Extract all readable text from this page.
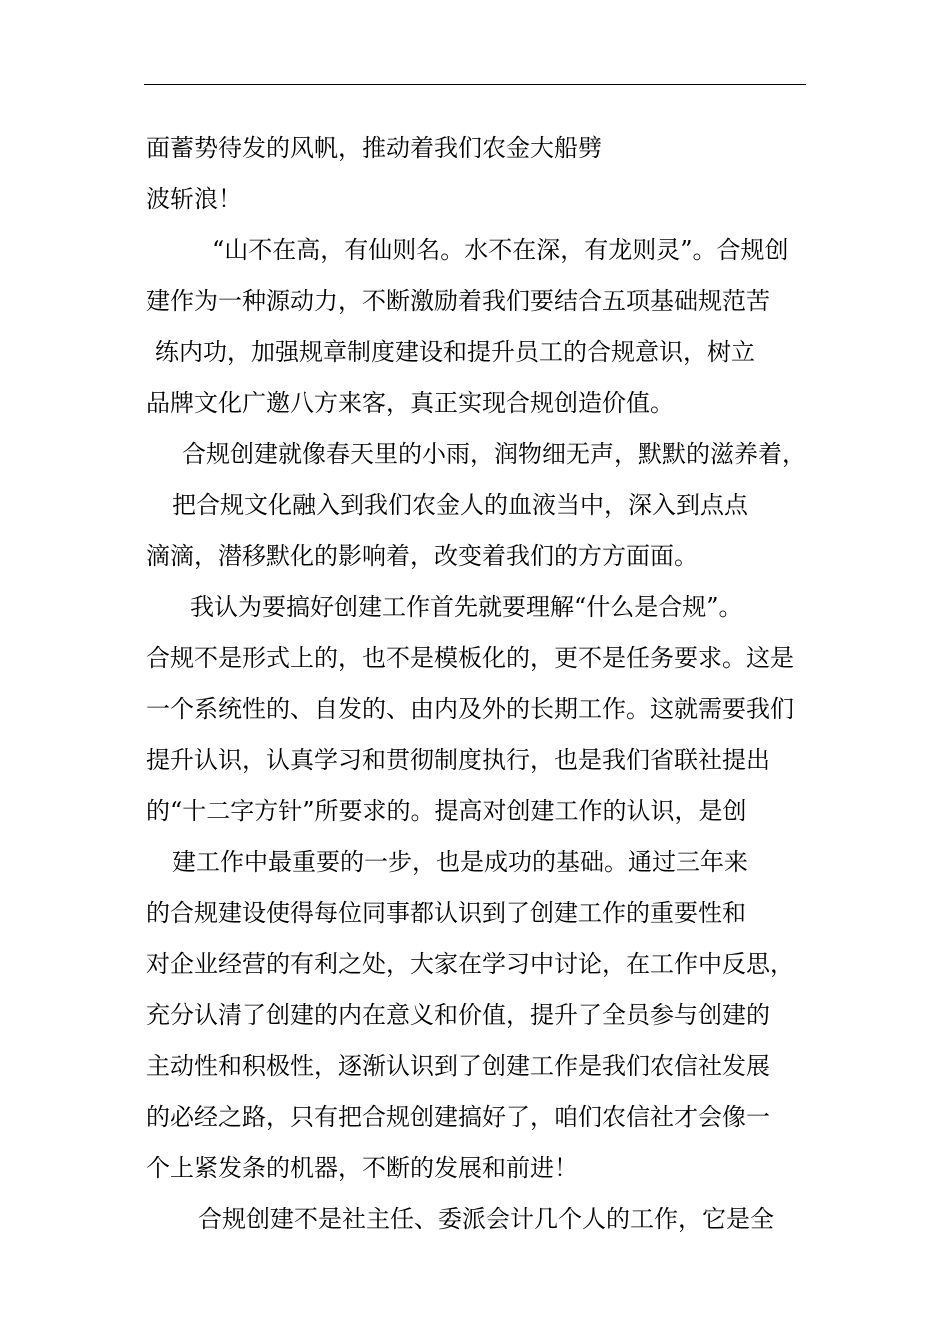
面蓄势待发的风帆，推动着我们农金大船劈
波斩浪！
“山不在高，有仙则名。水不在深，有龙则灵”。合规创
建作为一种源动力，不断激励着我们要结合五项基础规范苦
练内功，加强规章制度建设和提升员工的合规意识，树立
品牌文化广邀八方来客，真正实现合规创造价值。
合规创建就像春天里的小雨，润物细无声，默默的滋养着，
把合规文化融入到我们农金人的血液当中，深入到点点
滴滴，潜移默化的影响着，改变着我们的方方面面。
我认为要搞好创建工作首先就要理解“什么是合规”。
合规不是形式上的，也不是模板化的，更不是任务要求。这是
一个系统性的、自发的、由内及外的长期工作。这就需要我们
提升认识，认真学习和贯彻制度执行，也是我们省联社提出
的“十二字方针”所要求的。提高对创建工作的认识，是创
建工作中最重要的一步，也是成功的基础。通过三年来
的合规建设使得每位同事都认识到了创建工作的重要性和
对企业经营的有利之处，大家在学习中讨论，在工作中反思，
充分认清了创建的内在意义和价值，提升了全员参与创建的
主动性和积极性，逐渐认识到了创建工作是我们农信社发展
的必经之路，只有把合规创建搞好了，咱们农信社才会像一
个上紧发条的机器，不断的发展和前进！
合规创建不是社主任、委派会计几个人的工作，它是全
